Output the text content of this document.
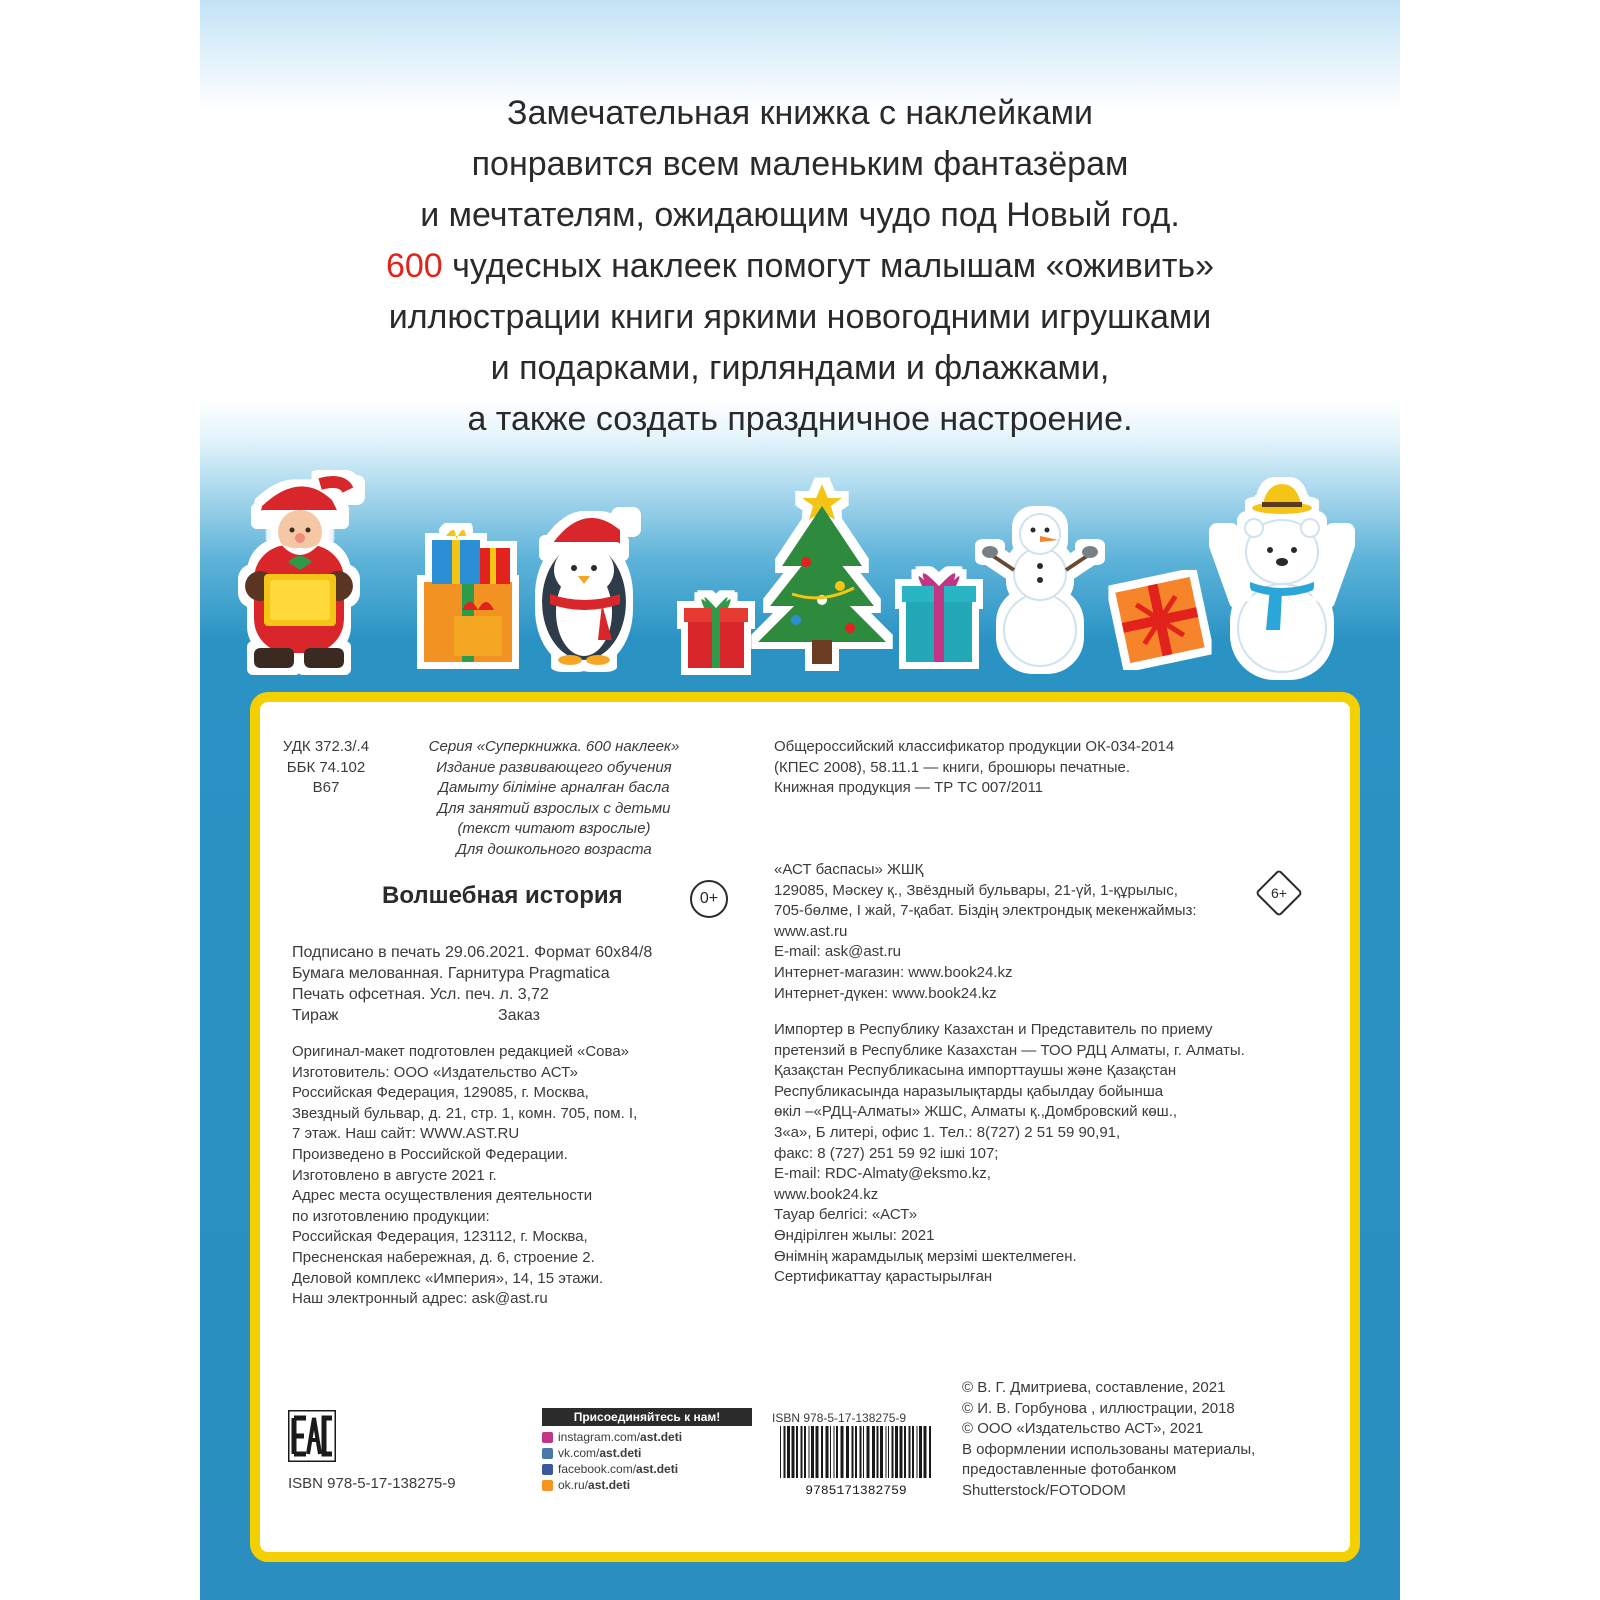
Замечательная книжка с наклейками
понравится всем маленьким фантазёрам
и мечтателям, ожидающим чудо под Новый год.
600 чудесных наклеек помогут малышам «оживить»
иллюстрации книги яркими новогодними игрушками
и подарками, гирляндами и флажками,
а также создать праздничное настроение.
УДК 372.3/.4
ББК 74.102
В67
Серия «Суперкнижка. 600 наклеек»
Издание развивающего обучения
Дамыту біліміне арналған басла
Для занятий взрослых с детьми
(текст читают взрослые)
Для дошкольного возраста
Общероссийский классификатор продукции ОК-034-2014
(КПЕС 2008), 58.11.1 — книги, брошюры печатные.
Книжная продукция — ТР ТС 007/2011
Волшебная история	0+	6+
Подписано в печать 29.06.2021. Формат 60x84/8
Бумага мелованная. Гарнитура Pragmatica
Печать офсетная. Усл. печ. л. 3,72
Тираж	Заказ
Оригинал-макет подготовлен редакцией «Сова»
Изготовитель: ООО «Издательство АСТ»
Российская Федерация, 129085, г. Москва,
Звездный бульвар, д. 21, стр. 1, комн. 705, пом. I,
7 этаж. Наш сайт: WWW.AST.RU
Произведено в Российской Федерации.
Изготовлено в августе 2021 г.
Адрес места осуществления деятельности
по изготовлению продукции:
Российская Федерация, 123112, г. Москва,
Пресненская набережная, д. 6, строение 2.
Деловой комплекс «Империя», 14, 15 этажи.
Наш электронный адрес: ask@ast.ru
«АСТ баспасы» ЖШҚ
129085, Мәскеу қ., Звёздный бульвары, 21-үй, 1-құрылыс,
705-бөлме, I жай, 7-қабат. Біздің электрондық мекенжаймыз:
www.ast.ru
E-mail: ask@ast.ru
Интернет-магазин: www.book24.kz
Интернет-дүкен: www.book24.kz
Импортер в Республику Казахстан и Представитель по приему
претензий в Республике Казахстан — ТОО РДЦ Алматы, г. Алматы.
Қазақстан Республикасына импорттаушы және Қазақстан
Республикасында наразылықтарды қабылдау бойынша
өкіл –«РДЦ-Алматы» ЖШС, Алматы қ.,Домбровский көш.,
3«а», Б литері, офис 1. Тел.: 8(727) 2 51 59 90,91,
факс: 8 (727) 251 59 92 ішкі 107;
E-mail: RDC-Almaty@eksmo.kz,
www.book24.kz
Тауар белгісі: «АСТ»
Өндірілген жылы: 2021
Өнімнің жарамдылық мерзімі шектелмеген.
Сертификаттау қарастырылған
© В. Г. Дмитриева, составление, 2021
© И. В. Горбунова , иллюстрации, 2018
© ООО «Издательство АСТ», 2021
В оформлении использованы материалы,
предоставленные фотобанком
Shutterstock/FOTODOM
ISBN 978-5-17-138275-9
Присоединяйтесь к нам!
instagram.com/ ast.deti
vk.com/ ast.deti
facebook.com/ ast.deti
ok.ru/ ast.deti
ISBN 978-5-17-138275-9
9785171382759
